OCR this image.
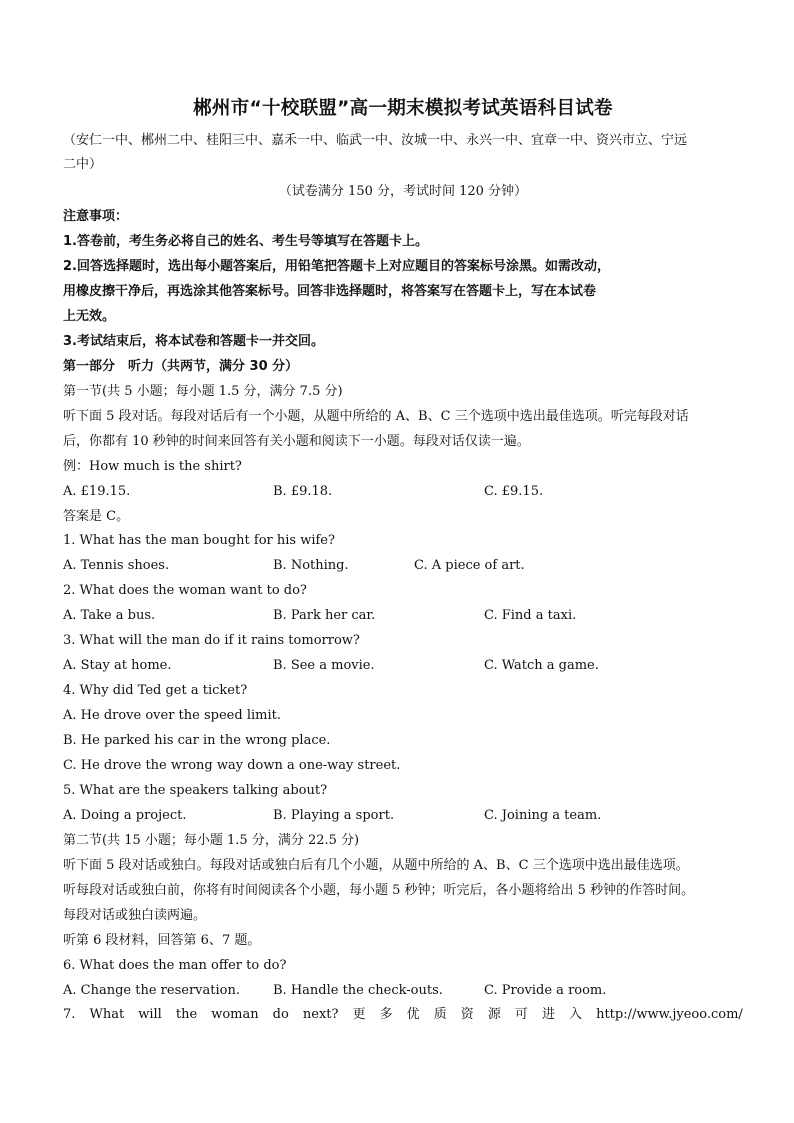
郴州市“十校联盟”高一期末模拟考试英语科目试卷
（安仁一中、郴州二中、桂阳三中、嘉禾一中、临武一中、汝城一中、永兴一中、宜章一中、资兴市立、宁远
二中）
（试卷满分 150 分，考试时间 120 分钟）
注意事项：
1.答卷前，考生务必将自己的姓名、考生号等填写在答题卡上。
2.回答选择题时，选出每小题答案后，用铅笔把答题卡上对应题目的答案标号涂黑。如需改动，
用橡皮擦干净后，再选涂其他答案标号。回答非选择题时，将答案写在答题卡上，写在本试卷
上无效。
3.考试结束后，将本试卷和答题卡一并交回。
第一部分　听力（共两节，满分 30 分）
第一节(共 5 小题；每小题 1.5 分，满分 7.5 分)
听下面 5 段对话。每段对话后有一个小题，从题中所给的 A、B、C 三个选项中选出最佳选项。听完每段对话
后，你都有 10 秒钟的时间来回答有关小题和阅读下一小题。每段对话仅读一遍。
例：How much is the shirt?
A. £19.15.	B. £9.18.	C. £9.15.
答案是 C。
1. What has the man bought for his wife?
A. Tennis shoes.	B. Nothing.	C. A piece of art.
2. What does the woman want to do?
A. Take a bus.	B. Park her car.	C. Find a taxi.
3. What will the man do if it rains tomorrow?
A. Stay at home.	B. See a movie.	C. Watch a game.
4. Why did Ted get a ticket?
A. He drove over the speed limit.
B. He parked his car in the wrong place.
C. He drove the wrong way down a one-way street.
5. What are the speakers talking about?
A. Doing a project.	B. Playing a sport.	C. Joining a team.
第二节(共 15 小题；每小题 1.5 分，满分 22.5 分)
听下面 5 段对话或独白。每段对话或独白后有几个小题，从题中所给的 A、B、C 三个选项中选出最佳选项。
听每段对话或独白前，你将有时间阅读各个小题，每小题 5 秒钟；听完后，各小题将给出 5 秒钟的作答时间。
每段对话或独白读两遍。
听第 6 段材料，回答第 6、7 题。
6. What does the man offer to do?
A. Change the reservation.	B. Handle the check-outs.	C. Provide a room.
7. What will the woman do next? 更 多 优 质 资 源 可 进 入 http://www.jyeoo.com/
